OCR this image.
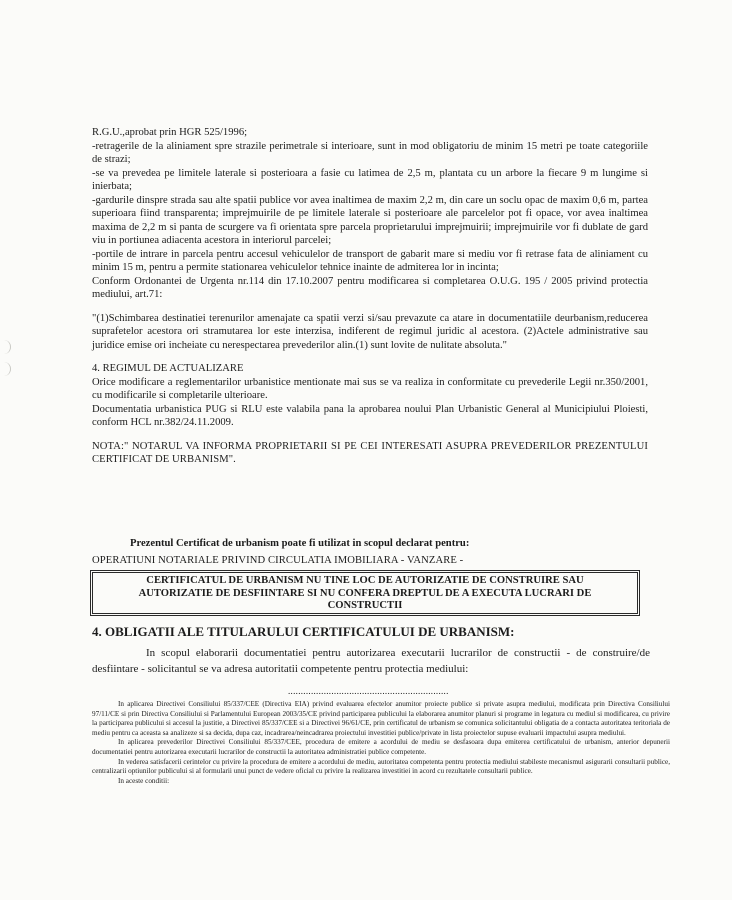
R.G.U.,aprobat prin HGR 525/1996;

-retragerile de la aliniament spre strazile perimetrale si interioare, sunt in mod obligatoriu de minim 15 metri pe toate categoriile de strazi;

-se va prevedea pe limitele laterale si posterioara a fasie cu latimea de 2,5 m, plantata cu un arbore la fiecare 9 m lungime si inierbata;

-gardurile dinspre strada sau alte spatii publice vor avea inaltimea de maxim 2,2 m, din care un soclu opac de maxim 0,6 m, partea superioara fiind transparenta; imprejmuirile de pe limitele laterale si posterioare ale parcelelor pot fi opace, vor avea inaltimea maxima de 2,2 m si panta de scurgere va fi orientata spre parcela proprietarului imprejmuirii; imprejmuirile vor fi dublate de gard viu in portiunea adiacenta acestora in interiorul parcelei;

-portile de intrare in parcela pentru accesul vehiculelor de transport de gabarit mare si mediu vor fi retrase fata de aliniament cu minim 15 m, pentru a permite stationarea vehiculelor tehnice inainte de admiterea lor in incinta;

Conform Ordonantei de Urgenta nr.114 din 17.10.2007 pentru modificarea si completarea O.U.G. 195 / 2005 privind protectia mediului, art.71:

"(1)Schimbarea destinatiei terenurilor amenajate ca spatii verzi si/sau prevazute ca atare in documentatiile deurbanism,reducerea suprafetelor acestora ori stramutarea lor este interzisa, indiferent de regimul juridic al acestora. (2)Actele administrative sau juridice emise ori incheiate cu nerespectarea prevederilor alin.(1) sunt lovite de nulitate absoluta."

4. REGIMUL DE ACTUALIZARE

Orice modificare a reglementarilor urbanistice mentionate mai sus se va realiza in conformitate cu prevederile Legii nr.350/2001, cu modificarile si completarile ulterioare.

Documentatia urbanistica PUG si RLU este valabila pana la aprobarea noului Plan Urbanistic General al Municipiului Ploiesti, conform HCL nr.382/24.11.2009.

NOTA:" NOTARUL VA INFORMA PROPRIETARII SI PE CEI INTERESATI ASUPRA PREVEDERILOR PREZENTULUI CERTIFICAT DE URBANISM".

Prezentul Certificat de urbanism poate fi utilizat in scopul declarat pentru:
OPERATIUNI NOTARIALE PRIVIND CIRCULATIA IMOBILIARA - VANZARE -
CERTIFICATUL DE URBANISM NU TINE LOC DE AUTORIZATIE DE CONSTRUIRE SAU
AUTORIZATIE DE DESFIINTARE SI NU CONFERA DREPTUL DE A EXECUTA LUCRARI DE
CONSTRUCTII
4. OBLIGATII ALE TITULARULUI CERTIFICATULUI DE URBANISM:
In scopul elaborarii documentatiei pentru autorizarea executarii lucrarilor de constructii - de construire/de desfiintare - solicitantul se va adresa autoritatii competente pentru protectia mediului:
...............................................................

In aplicarea Directivei Consiliului 85/337/CEE (Directiva EIA) privind evaluarea efectelor anumitor proiecte publice si private asupra mediului, modificata prin Directiva Consiliului 97/11/CE si prin Directiva Consiliului si Parlamentului European 2003/35/CE privind participarea publicului la elaborarea anumitor planuri si programe in legatura cu mediul si modificarea, cu privire la participarea publicului si accesul la justitie, a Directivei 85/337/CEE si a Directivei 96/61/CE, prin certificatul de urbanism se comunica solicitantului obligatia de a contacta autoritatea teritoriala de mediu pentru ca aceasta sa analizeze si sa decida, dupa caz, incadrarea/neincadrarea proiectului investitiei publice/private in lista proiectelor supuse evaluarii impactului asupra mediului.

In aplicarea prevederilor Directivei Consiliului 85/337/CEE, procedura de emitere a acordului de mediu se desfasoara dupa emiterea certificatului de urbanism, anterior depunerii documentatiei pentru autorizarea executarii lucrarilor de constructii la autoritatea administratiei publice competente.

In vederea satisfacerii cerintelor cu privire la procedura de emitere a acordului de mediu, autoritatea competenta pentru protectia mediului stabileste mecanismul asigurarii consultarii publice, centralizarii optiunilor publicului si al formularii unui punct de vedere oficial cu privire la realizarea investitiei in acord cu rezultatele consultarii publice.

In aceste conditii:
